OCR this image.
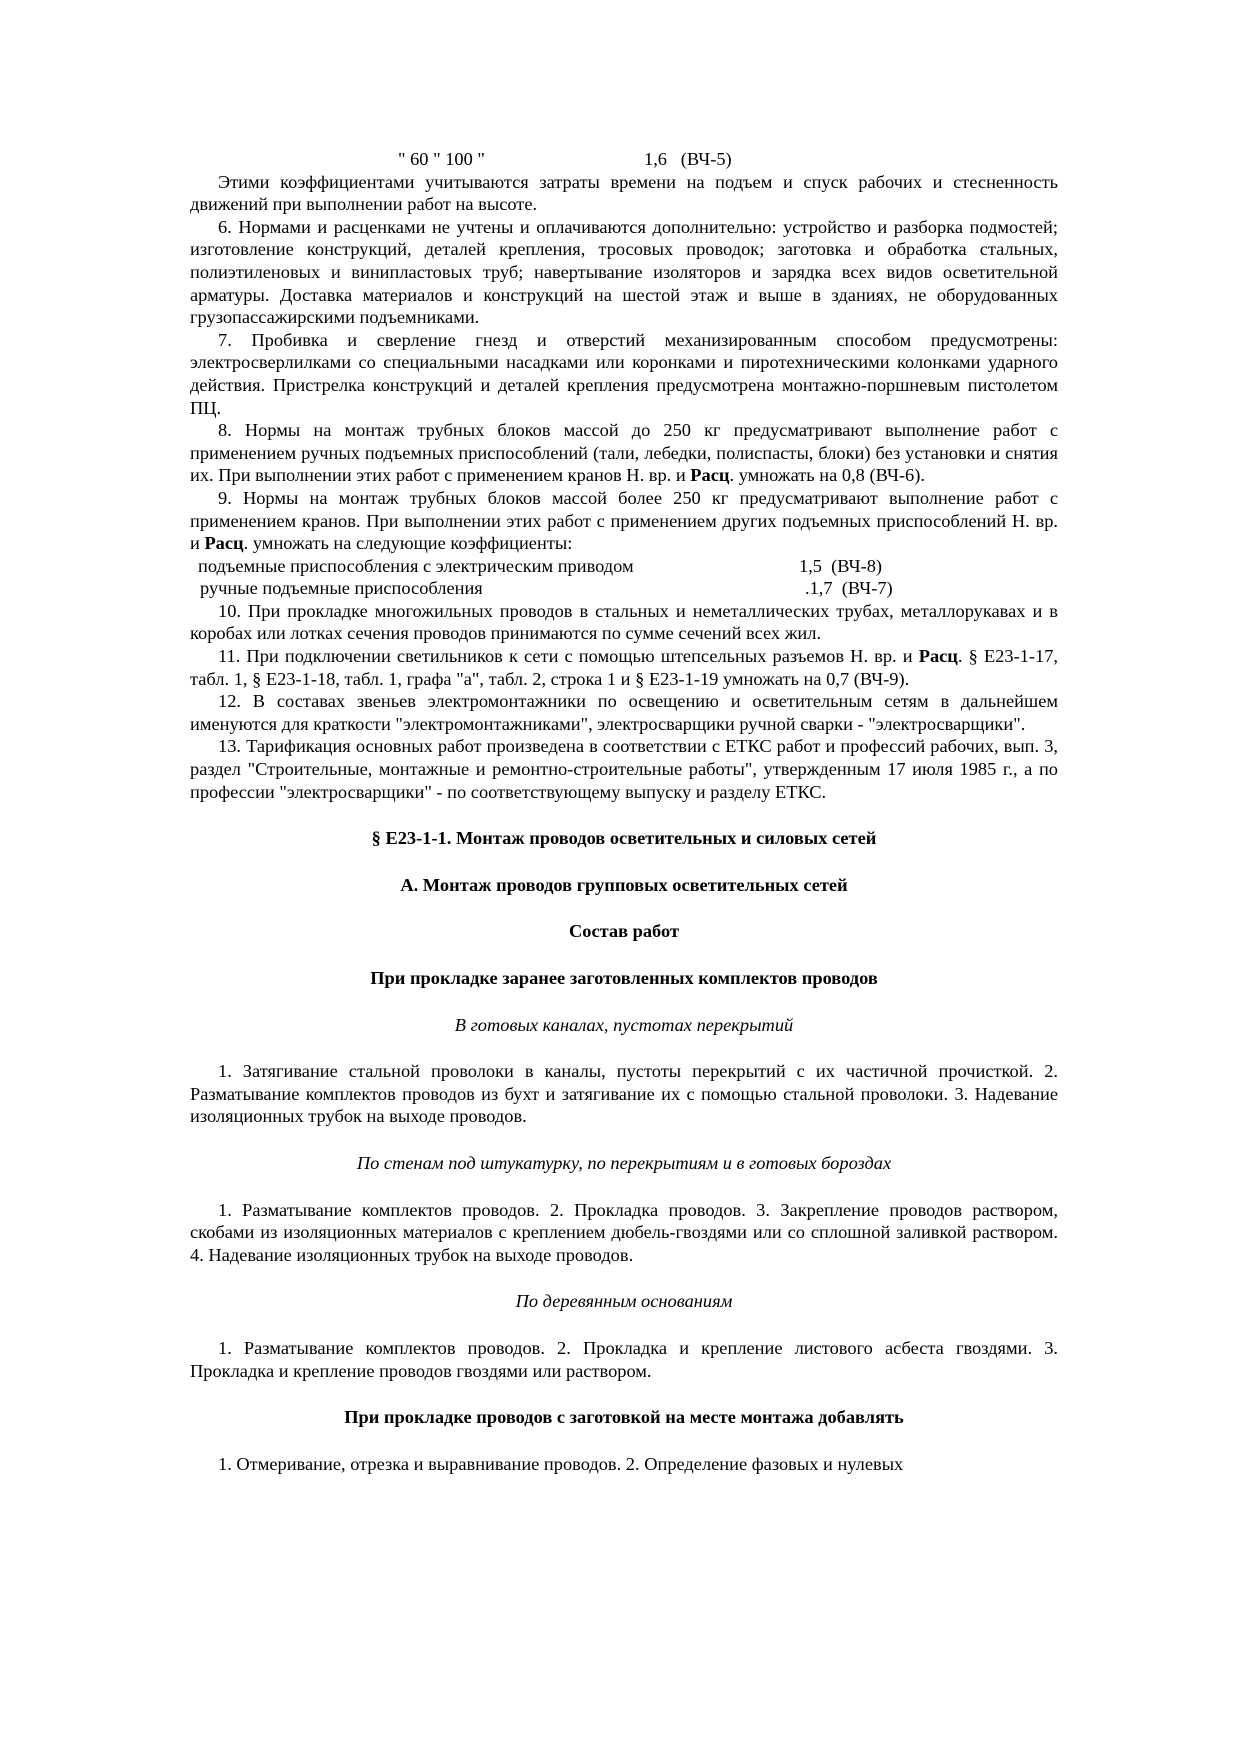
" 60 " 100 "	1,6   (ВЧ-5)

Этими коэффициентами учитываются затраты времени на подъем и спуск рабочих и стесненность движений при выполнении работ на высоте.

6. Нормами и расценками не учтены и оплачиваются дополнительно: устройство и разборка подмостей; изготовление конструкций, деталей крепления, тросовых проводок; заготовка и обработка стальных, полиэтиленовых и винипластовых труб; навертывание изоляторов и зарядка всех видов осветительной арматуры. Доставка материалов и конструкций на шестой этаж и выше в зданиях, не оборудованных грузопассажирскими подъемниками.

7. Пробивка и сверление гнезд и отверстий механизированным способом предусмотрены: электросверлилками со специальными насадками или коронками и пиротехническими колонками ударного действия. Пристрелка конструкций и деталей крепления предусмотрена монтажно-поршневым пистолетом ПЦ.

8. Нормы на монтаж трубных блоков массой до 250 кг предусматривают выполнение работ с применением ручных подъемных приспособлений (тали, лебедки, полиспасты, блоки) без установки и снятия их. При выполнении этих работ с применением кранов Н. вр. и Расц. умножать на 0,8 (ВЧ-6).

9. Нормы на монтаж трубных блоков массой более 250 кг предусматривают выполнение работ с применением кранов. При выполнении этих работ с применением других подъемных приспособлений Н. вр. и Расц. умножать на следующие коэффициенты:

подъемные приспособления с электрическим приводом	1,5  (ВЧ-8)
ручные подъемные приспособления	.1,7  (ВЧ-7)

10. При прокладке многожильных проводов в стальных и неметаллических трубах, металлорукавах и в коробах или лотках сечения проводов принимаются по сумме сечений всех жил.

11. При подключении светильников к сети с помощью штепсельных разъемов Н. вр. и Расц. § Е23-1-17, табл. 1, § Е23-1-18, табл. 1, графа "а", табл. 2, строка 1 и § Е23-1-19 умножать на 0,7 (ВЧ-9).

12. В составах звеньев электромонтажники по освещению и осветительным сетям в дальнейшем именуются для краткости "электромонтажниками", электросварщики ручной сварки - "электросварщики".

13. Тарификация основных работ произведена в соответствии с ЕТКС работ и профессий рабочих, вып. 3, раздел "Строительные, монтажные и ремонтно-строительные работы", утвержденным 17 июля 1985 г., а по профессии "электросварщики" - по соответствующему выпуску и разделу ЕТКС.

§ Е23-1-1. Монтаж проводов осветительных и силовых сетей

А. Монтаж проводов групповых осветительных сетей

Состав работ

При прокладке заранее заготовленных комплектов проводов

В готовых каналах, пустотах перекрытий

1. Затягивание стальной проволоки в каналы, пустоты перекрытий с их частичной прочисткой. 2. Разматывание комплектов проводов из бухт и затягивание их с помощью стальной проволоки. 3. Надевание изоляционных трубок на выходе проводов.

По стенам под штукатурку, по перекрытиям и в готовых бороздах

1. Разматывание комплектов проводов. 2. Прокладка проводов. 3. Закрепление проводов раствором, скобами из изоляционных материалов с креплением дюбель-гвоздями или со сплошной заливкой раствором. 4. Надевание изоляционных трубок на выходе проводов.

По деревянным основаниям

1. Разматывание комплектов проводов. 2. Прокладка и крепление листового асбеста гвоздями. 3. Прокладка и крепление проводов гвоздями или раствором.

При прокладке проводов с заготовкой на месте монтажа добавлять

1. Отмеривание, отрезка и выравнивание проводов. 2. Определение фазовых и нулевых
